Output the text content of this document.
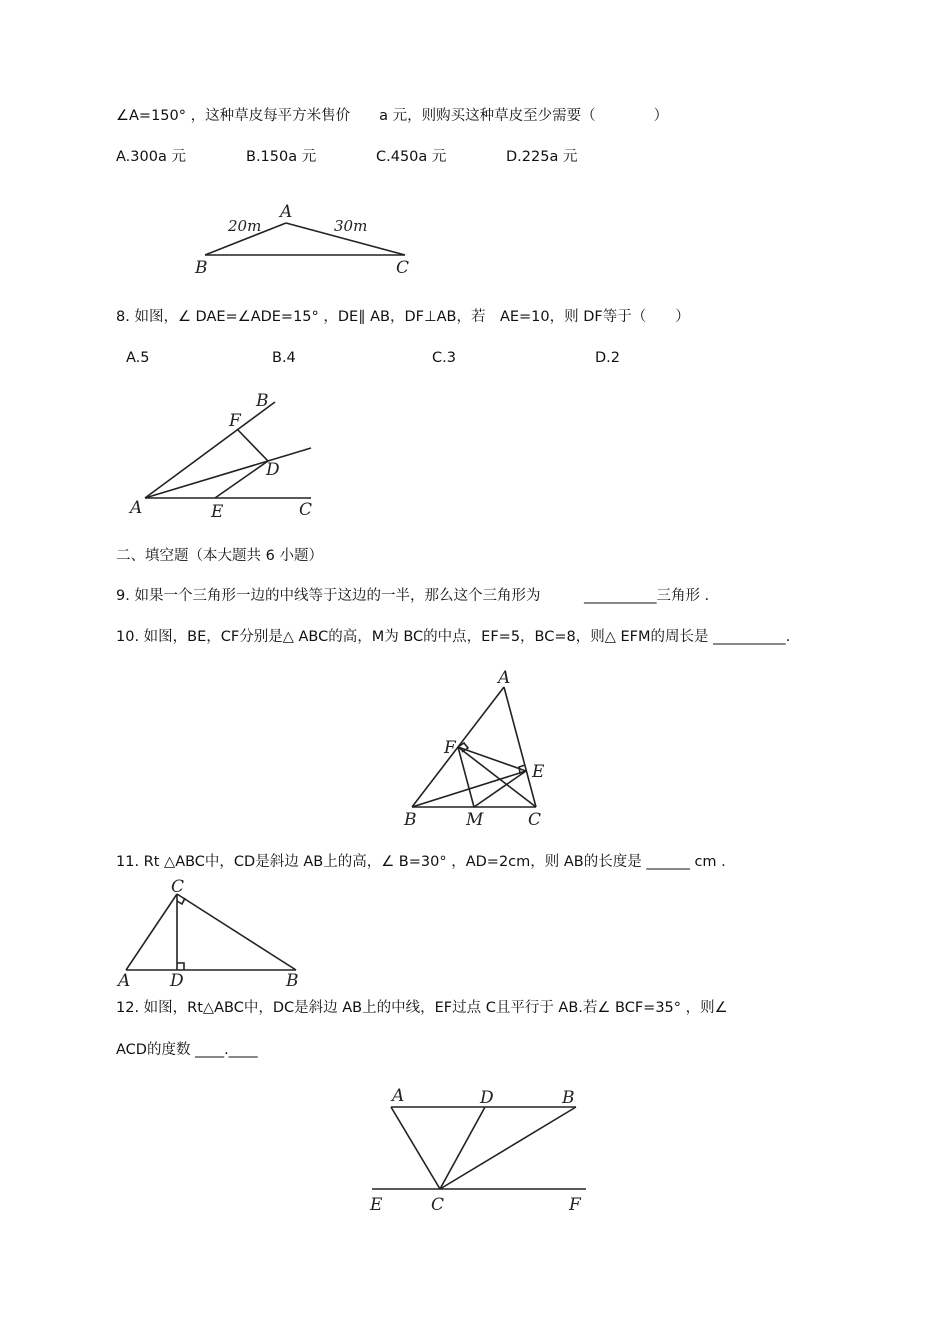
∠A=150° ，这种草皮每平方米售价　　a 元，则购买这种草皮至少需要（　　　　）
A.300a 元	B.150a 元	C.450a 元	D.225a 元
A
B	C
20m	30m
8. 如图，∠ DAE=∠ADE=15° ，DE∥ AB，DF⊥AB，若　AE=10，则 DF等于（　　）
A.5	B.4	C.3	D.2
A
B
C
D
E
F
二、填空题（本大题共 6 小题）
9. 如果一个三角形一边的中线等于这边的一半，那么这个三角形为　　　__________三角形 .
10. 如图，BE，CF分别是△ ABC的高，M为 BC的中点，EF=5，BC=8，则△ EFM的周长是 __________.
A
B	C
E
F
M
11. Rt △ABC中，CD是斜边 AB上的高，∠ B=30° ，AD=2cm，则 AB的长度是 ______ cm .
A	B
C
D
12. 如图，Rt△ABC中，DC是斜边 AB上的中线，EF过点 C且平行于 AB.若∠ BCF=35° ，则∠
ACD的度数 ____.____
A	B
C
D
E	F
